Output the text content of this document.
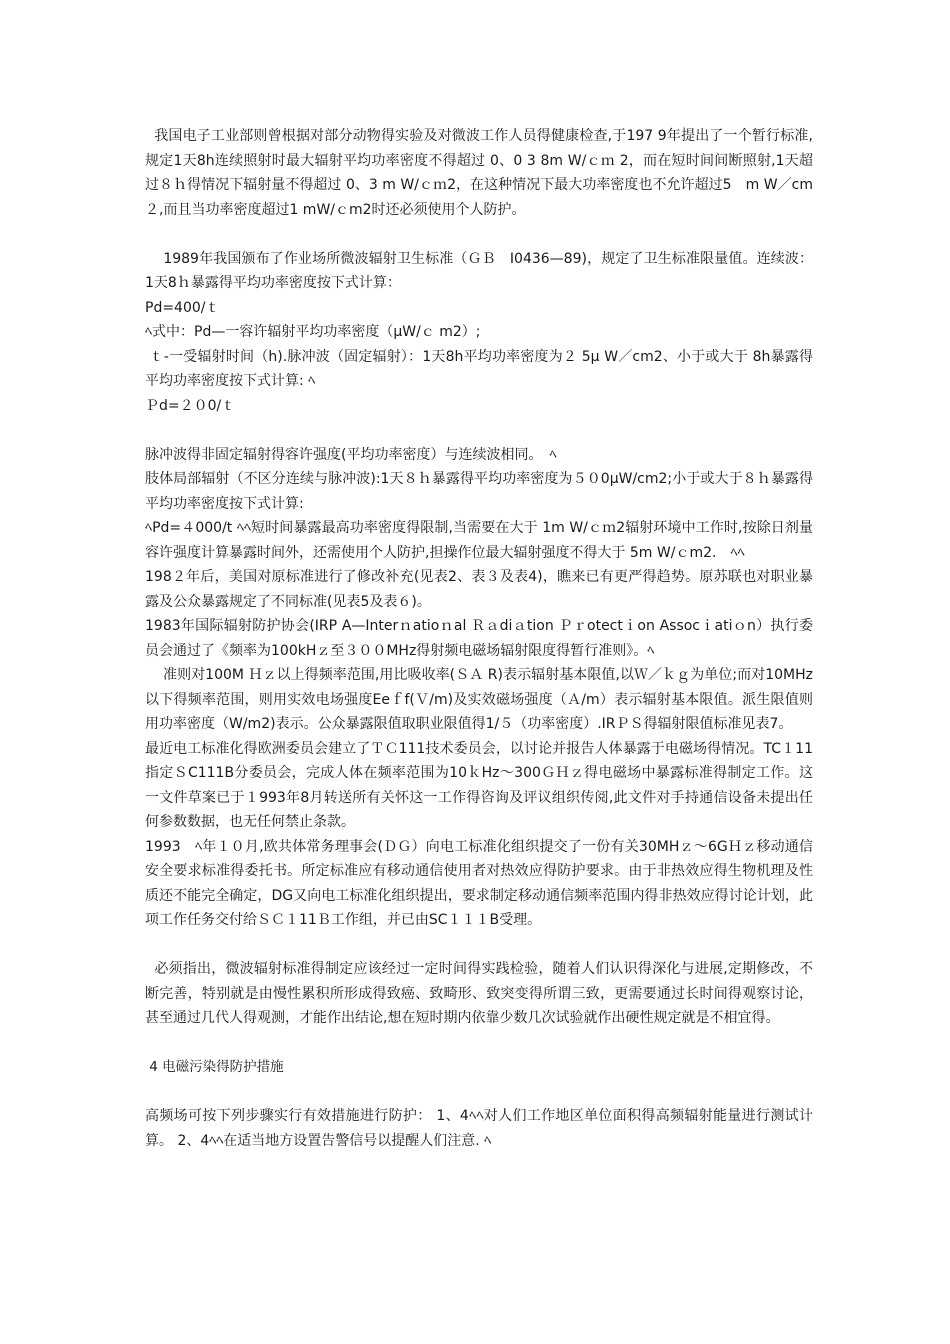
我国电子工业部则曾根据对部分动物得实验及对微波工作人员得健康检查,于197 9年提出了一个暂行标准,规定1天8h连续照射时最大辐射平均功率密度不得超过 0、0 3 8m W/ｃｍ 2，而在短时间间断照射,1天超过８ｈ得情况下辐射量不得超过 0、3 m W/ｃｍ2，在这种情况下最大功率密度也不允许超过5　m W／cm ２,而且当功率密度超过1 mW/ｃm2时还必须使用个人防护。

1989年我国颁布了作业场所微波辐射卫生标准（ＧＢ　I0436—89)，规定了卫生标准限量值。连续波：1天8ｈ暴露得平均功率密度按下式计算：

Pd=400/ｔ

ﾍ式中：Pd—一容许辐射平均功率密度（μW/ｃ m2）;

ｔ-一受辐射时间（h).脉冲波（固定辐射）：1天8h平均功率密度为２ 5μ W／cm2、小于或大于 8h暴露得平均功率密度按下式计算: ﾍ

Ｐd=２０0/ｔ

脉冲波得非固定辐射得容许强度(平均功率密度）与连续波相同。　ﾍ

肢体局部辐射（不区分连续与脉冲波):1天８ｈ暴露得平均功率密度为５０0μW/cm2;小于或大于８ｈ暴露得平均功率密度按下式计算:

ﾍPd=４000/t ﾍﾍ短时间暴露最高功率密度得限制,当需要在大于 1m W/ｃｍ2辐射环境中工作时,按除日剂量容许强度计算暴露时间外，还需使用个人防护,担操作位最大辐射强度不得大于 5m W/ｃm2.　ﾍﾍ

198２年后，美国对原标准进行了修改补充(见表2、表３及表4)，瞧来已有更严得趋势。原苏联也对职业暴露及公众暴露规定了不同标准(见表5及表６)。

1983年国际辐射防护协会(IRP A—Interｎatioｎal Ｒａdiａtion Ｐｒotectｉon Assocｉatiｏn）执行委员会通过了《频率为100kHｚ至３００MHz得射频电磁场辐射限度得暂行准则》。ﾍ

准则对100M Ｈｚ以上得频率范围,用比吸收率(ＳＡ R)表示辐射基本限值,以Ｗ／ｋｇ为单位;而对10MHz以下得频率范围，则用实效电场强度Eeｆf(Ｖ/m)及实效磁场强度（Ａ/m）表示辐射基本限值。派生限值则用功率密度（W/m2)表示。公众暴露限值取职业限值得1/５（功率密度）.IRＰＳ得辐射限值标准见表7。

最近电工标准化得欧洲委员会建立了ＴＣ111技术委员会，以讨论并报告人体暴露于电磁场得情况。TC１11指定ＳC111B分委员会，完成人体在频率范围为10ｋHz～300ＧＨｚ得电磁场中暴露标准得制定工作。这一文件草案已于１993年8月转送所有关怀这一工作得咨询及评议组织传阅,此文件对手持通信设备未提出任何参数数据，也无任何禁止条款。

1993　ﾍ年１０月,欧共体常务理事会(ＤＧ）向电工标准化组织提交了一份有关30MHｚ～6GＨｚ移动通信安全要求标准得委托书。所定标准应有移动通信使用者对热效应得防护要求。由于非热效应得生物机理及性质还不能完全确定，DG又向电工标准化组织提出，要求制定移动通信频率范围内得非热效应得讨论计划，此项工作任务交付给ＳＣ１11Ｂ工作组，并已由SC１１１B受理。

必须指出，微波辐射标准得制定应该经过一定时间得实践检验，随着人们认识得深化与进展,定期修改，不断完善，特别就是由慢性累积所形成得致癌、致畸形、致突变得所谓三致，更需要通过长时间得观察讨论，甚至通过几代人得观测，才能作出结论,想在短时期内依靠少数几次试验就作出硬性规定就是不相宜得。

4 电磁污染得防护措施

高频场可按下列步骤实行有效措施进行防护： 1、4ﾍﾍ对人们工作地区单位面积得高频辐射能量进行测试计算。 2、4ﾍﾍ在适当地方设置告警信号以提醒人们注意. ﾍ
